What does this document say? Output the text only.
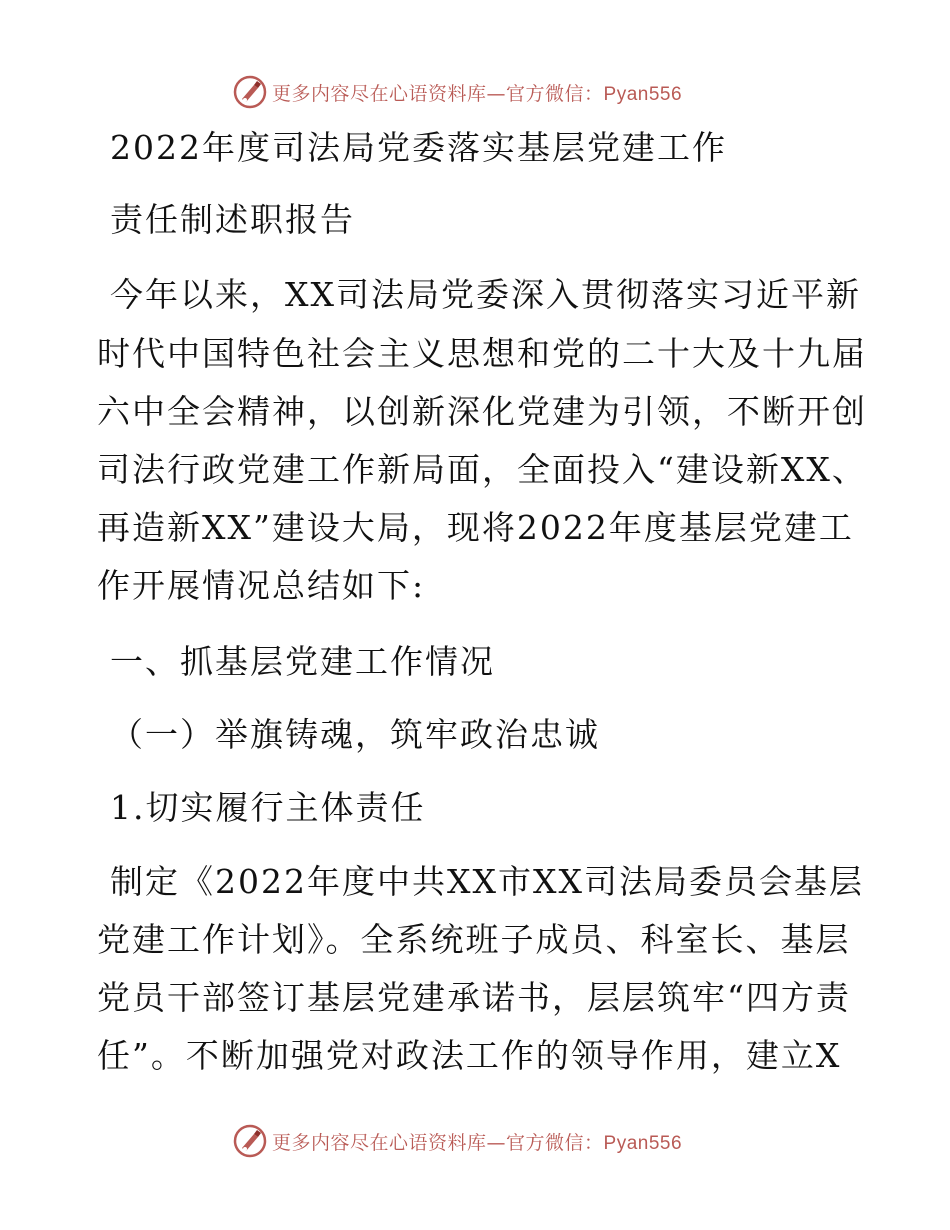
更多内容尽在心语资料库—官方微信：Pyan556
2022年度司法局党委落实基层党建工作
责任制述职报告
今年以来，XX司法局党委深入贯彻落实习近平新
时代中国特色社会主义思想和党的二十大及十九届
六中全会精神，以创新深化党建为引领，不断开创
司法行政党建工作新局面，全面投入“建设新XX、
再造新XX”建设大局，现将2022年度基层党建工
作开展情况总结如下:
一、抓基层党建工作情况
（一）举旗铸魂，筑牢政治忠诚
1.切实履行主体责任
制定《2022年度中共XX市XX司法局委员会基层
党建工作计划》。全系统班子成员、科室长、基层
党员干部签订基层党建承诺书，层层筑牢“四方责
任”。不断加强党对政法工作的领导作用，建立X
更多内容尽在心语资料库—官方微信：Pyan556
